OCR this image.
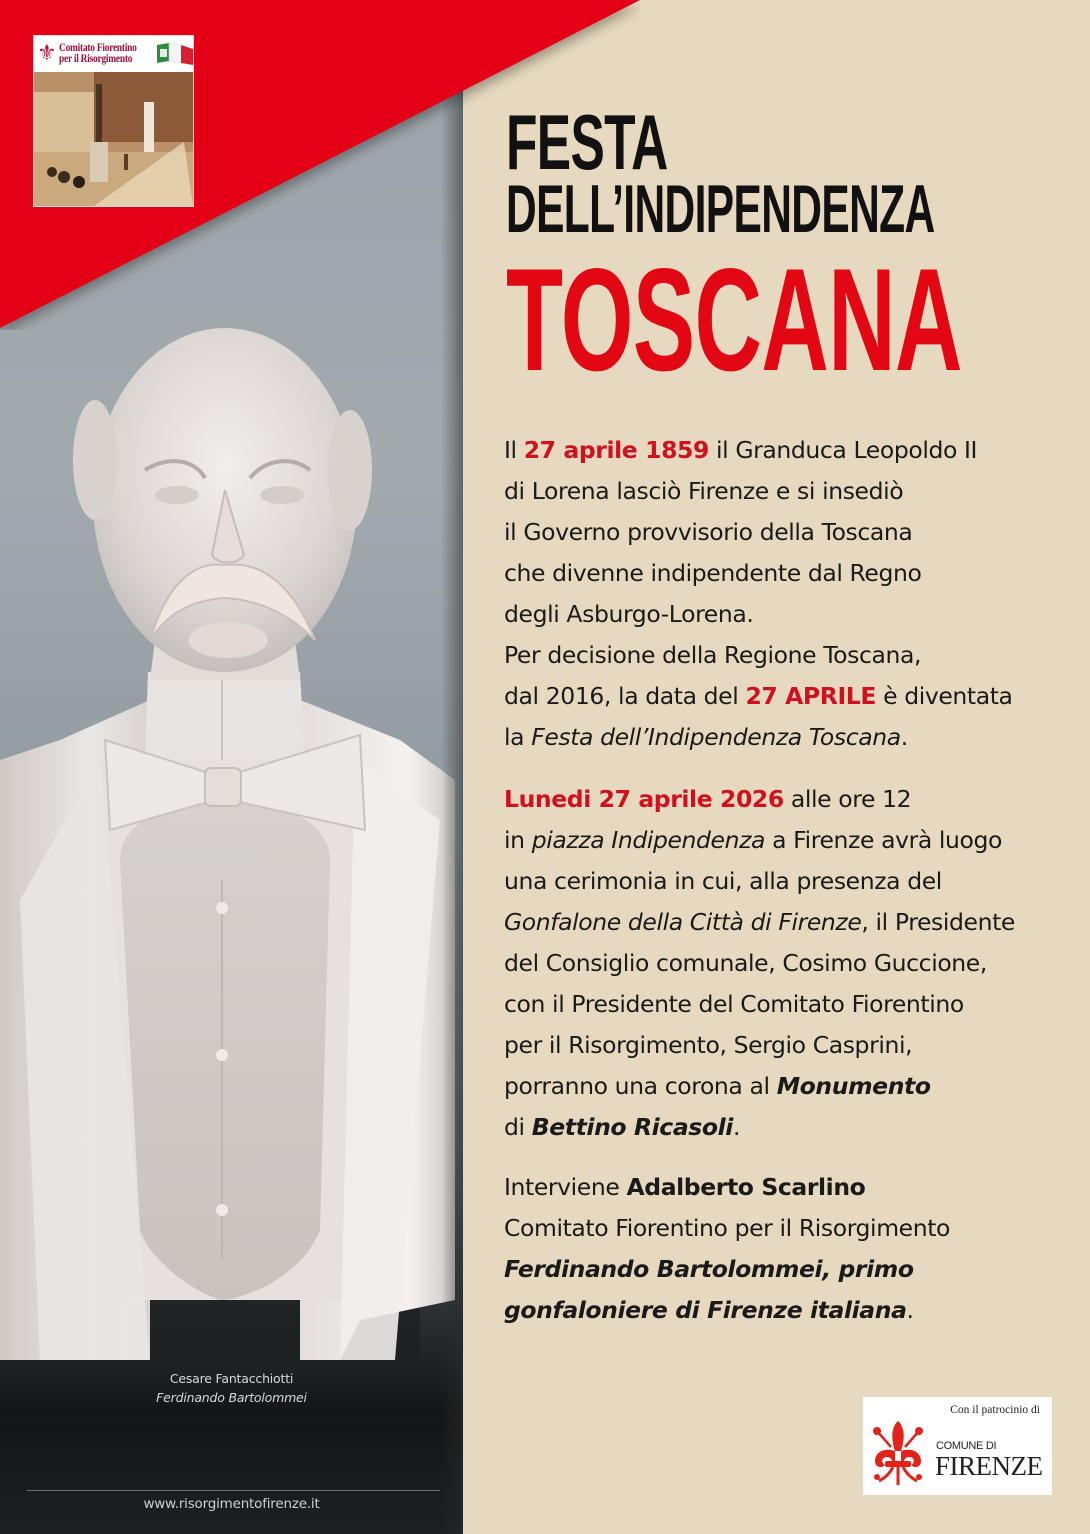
⚜ Comitato Fiorentino
per il Risorgimento
FESTA
DELL’INDIPENDENZA
TOSCANA
Il 27 aprile 1859 il Granduca Leopoldo II
di Lorena lasciò Firenze e si insediò
il Governo provvisorio della Toscana
che divenne indipendente dal Regno
degli Asburgo-Lorena.
Per decisione della Regione Toscana,
dal 2016, la data del 27 APRILE è diventata
la Festa dell’Indipendenza Toscana.
Lunedi 27 aprile 2026 alle ore 12
in piazza Indipendenza a Firenze avrà luogo
una cerimonia in cui, alla presenza del
Gonfalone della Città di Firenze, il Presidente
del Consiglio comunale, Cosimo Guccione,
con il Presidente del Comitato Fiorentino
per il Risorgimento, Sergio Casprini,
porranno una corona al Monumento
di Bettino Ricasoli.
Interviene Adalberto Scarlino
Comitato Fiorentino per il Risorgimento
Ferdinando Bartolommei, primo
gonfaloniere di Firenze italiana.
Con il patrocinio di
COMUNE DI
FIRENZE
Cesare Fantacchiotti
Ferdinando Bartolommei
www.risorgimentofirenze.it
